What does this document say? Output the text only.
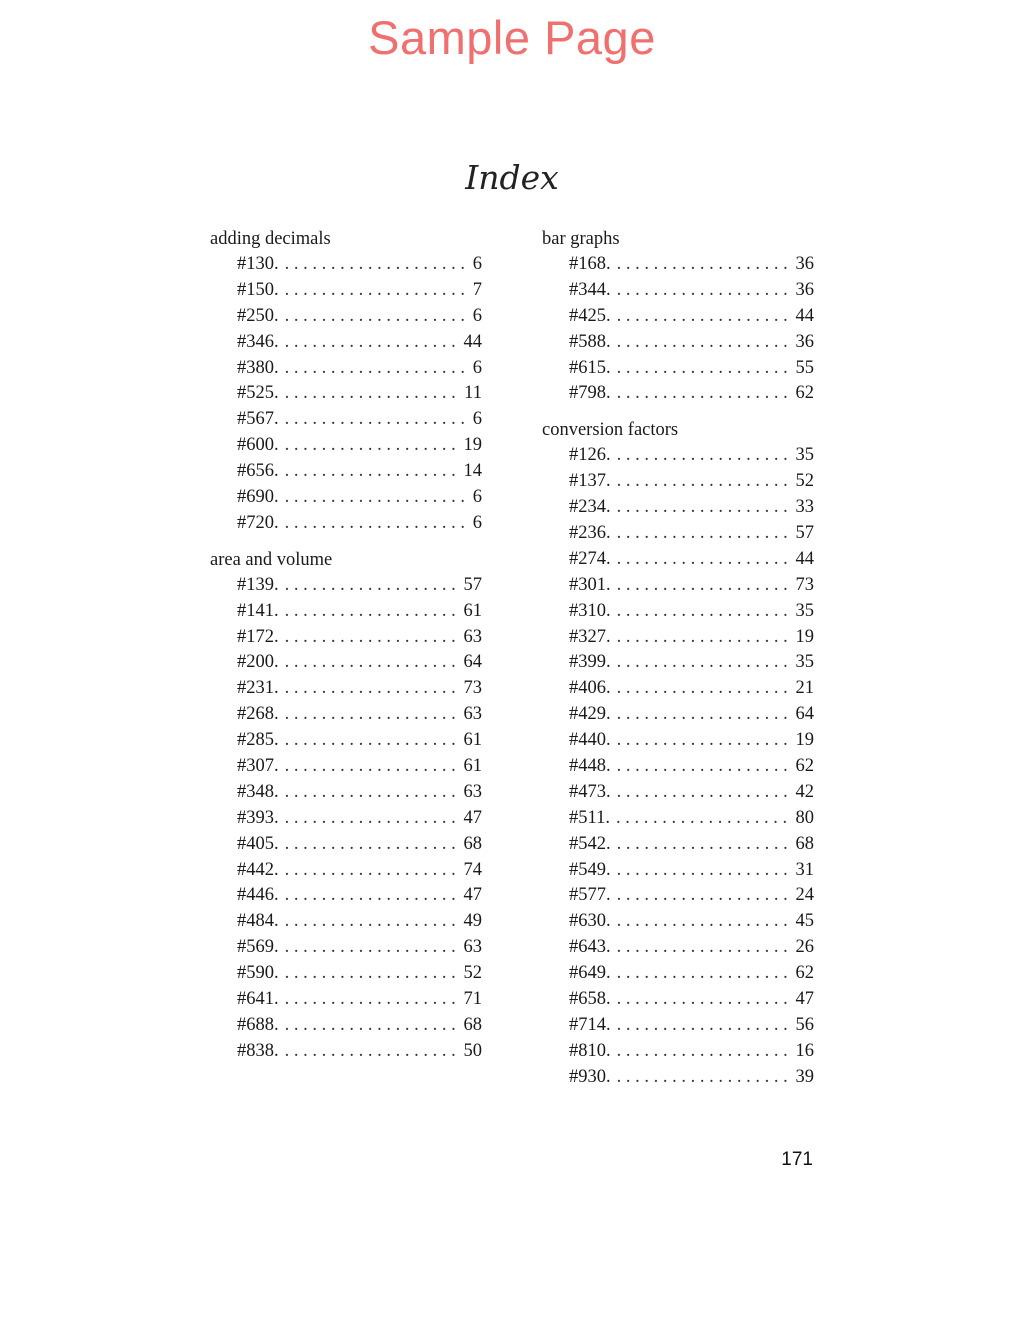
Sample Page
Index
adding decimals
#130. . . .	6
#150. . . .	7
#250. . . .	6
#346. . . .	44
#380. . . .	6
#525. . . .	11
#567. . . .	6
#600. . . .	19
#656. . . .	14
#690. . . .	6
#720. . . .	6
area and volume
#139. . . .	57
#141. . . .	61
#172. . . .	63
#200. . . .	64
#231. . . .	73
#268. . . .	63
#285. . . .	61
#307. . . .	61
#348. . . .	63
#393. . . .	47
#405. . . .	68
#442. . . .	74
#446. . . .	47
#484. . . .	49
#569. . . .	63
#590. . . .	52
#641. . . .	71
#688. . . .	68
#838. . . .	50
bar graphs
#168. . . .	36
#344. . . .	36
#425. . . .	44
#588. . . .	36
#615. . . .	55
#798. . . .	62
conversion factors
#126. . . .	35
#137. . . .	52
#234. . . .	33
#236. . . .	57
#274. . . .	44
#301. . . .	73
#310. . . .	35
#327. . . .	19
#399. . . .	35
#406. . . .	21
#429. . . .	64
#440. . . .	19
#448. . . .	62
#473. . . .	42
#511. . . .	80
#542. . . .	68
#549. . . .	31
#577. . . .	24
#630. . . .	45
#643. . . .	26
#649. . . .	62
#658. . . .	47
#714. . . .	56
#810. . . .	16
#930. . . .	39
171
